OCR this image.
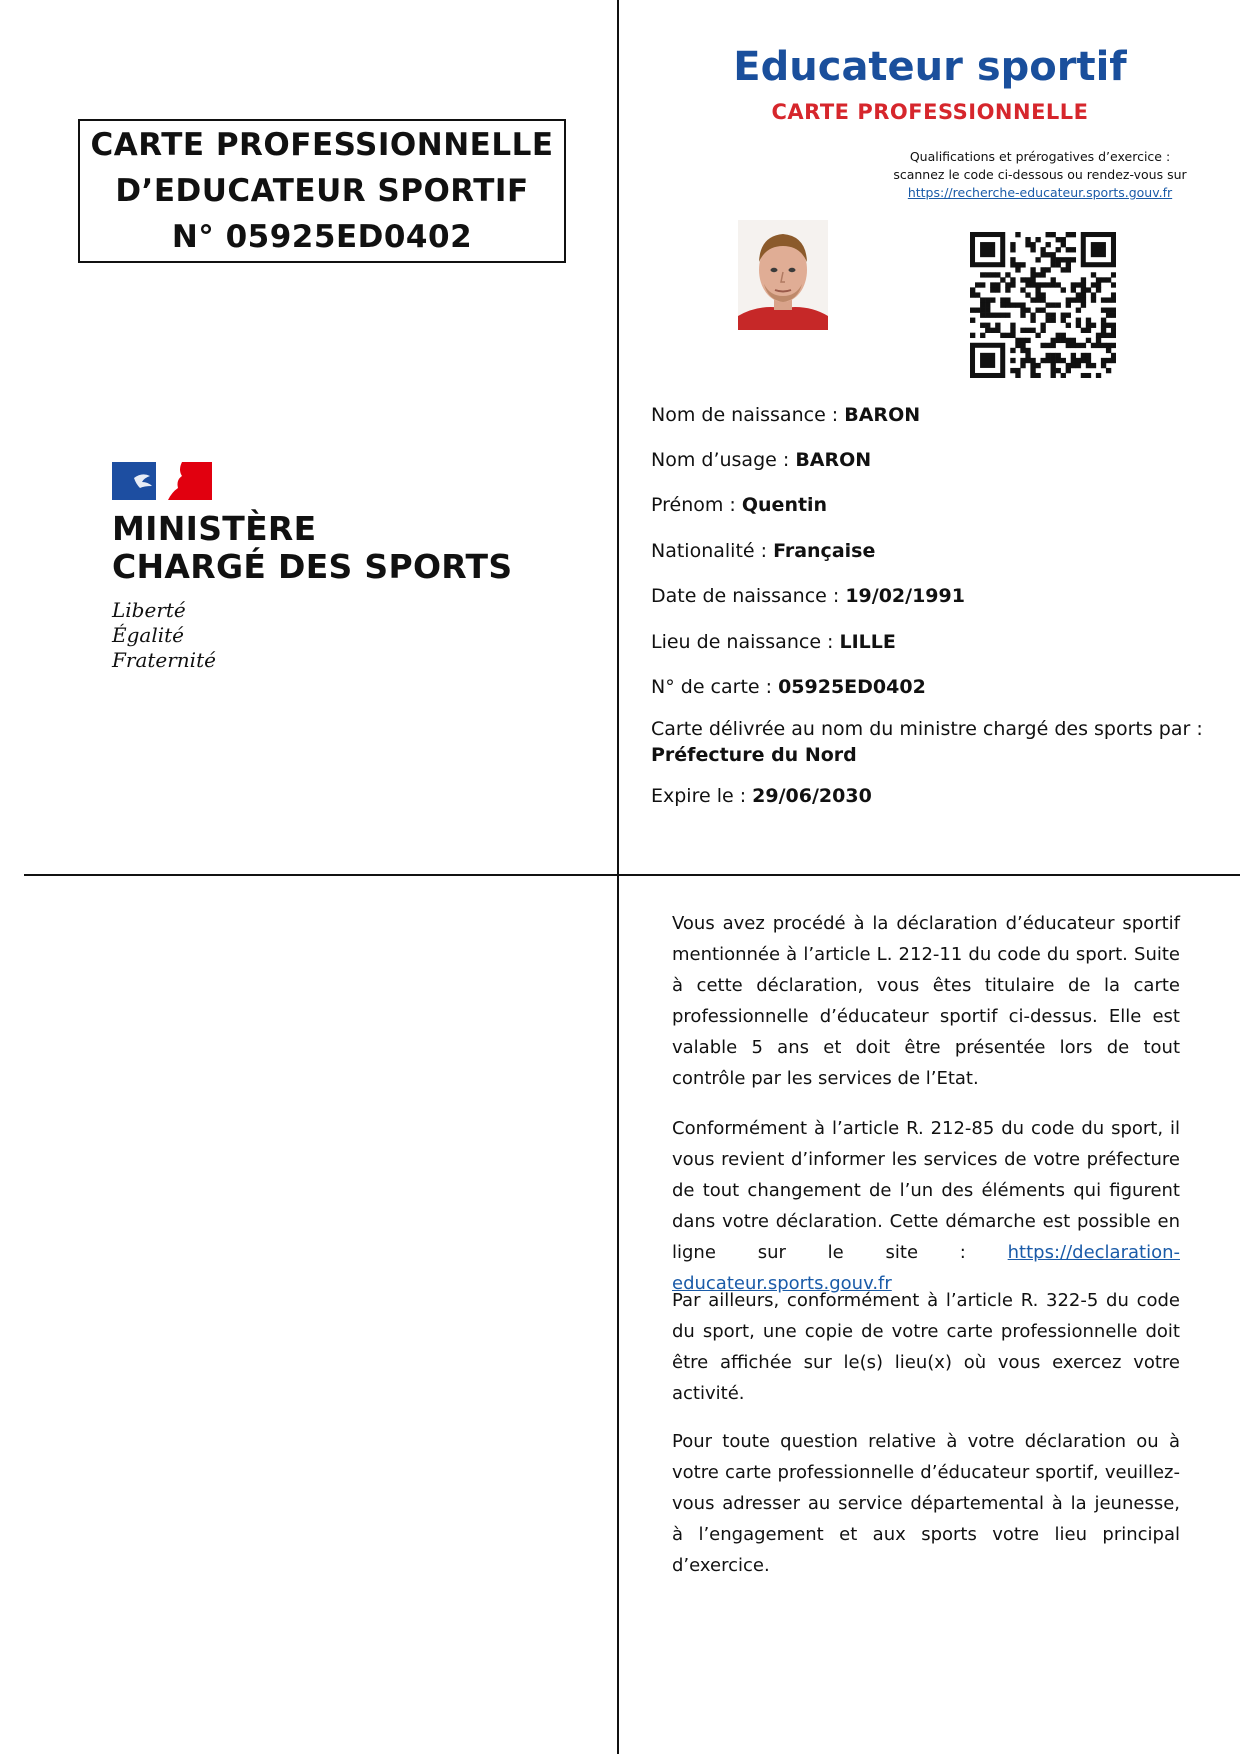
CARTE PROFESSIONNELLE
D’EDUCATEUR SPORTIF
N° 05925ED0402
MINISTÈRE
CHARGÉ DES SPORTS
Liberté
Égalité
Fraternité
Educateur sportif
CARTE PROFESSIONNELLE
Qualifications et prérogatives d’exercice :
scannez le code ci-dessous ou rendez-vous sur
https://recherche-educateur.sports.gouv.fr
Nom de naissance : BARON
Nom d’usage : BARON
Prénom : Quentin
Nationalité : Française
Date de naissance : 19/02/1991
Lieu de naissance : LILLE
N° de carte : 05925ED0402
Carte délivrée au nom du ministre chargé des sports par :
Préfecture du Nord
Expire le : 29/06/2030
Vous avez procédé à la déclaration d’éducateur sportif mentionnée à l’article L. 212-11 du code du sport. Suite à cette déclaration, vous êtes titulaire de la carte professionnelle d’éducateur sportif ci-dessus. Elle est valable 5 ans et doit être présentée lors de tout contrôle par les services de l’Etat.
Conformément à l’article R. 212-85 du code du sport, il vous revient d’informer les services de votre préfecture de tout changement de l’un des éléments qui figurent dans votre déclaration. Cette démarche est possible en ligne sur le site : https://declaration-educateur.sports.gouv.fr
Par ailleurs, conformément à l’article R. 322-5 du code du sport, une copie de votre carte professionnelle doit être affichée sur le(s) lieu(x) où vous exercez votre activité.
Pour toute question relative à votre déclaration ou à votre carte professionnelle d’éducateur sportif, veuillez-vous adresser au service départemental à la jeunesse, à l’engagement et aux sports votre lieu principal d’exercice.
